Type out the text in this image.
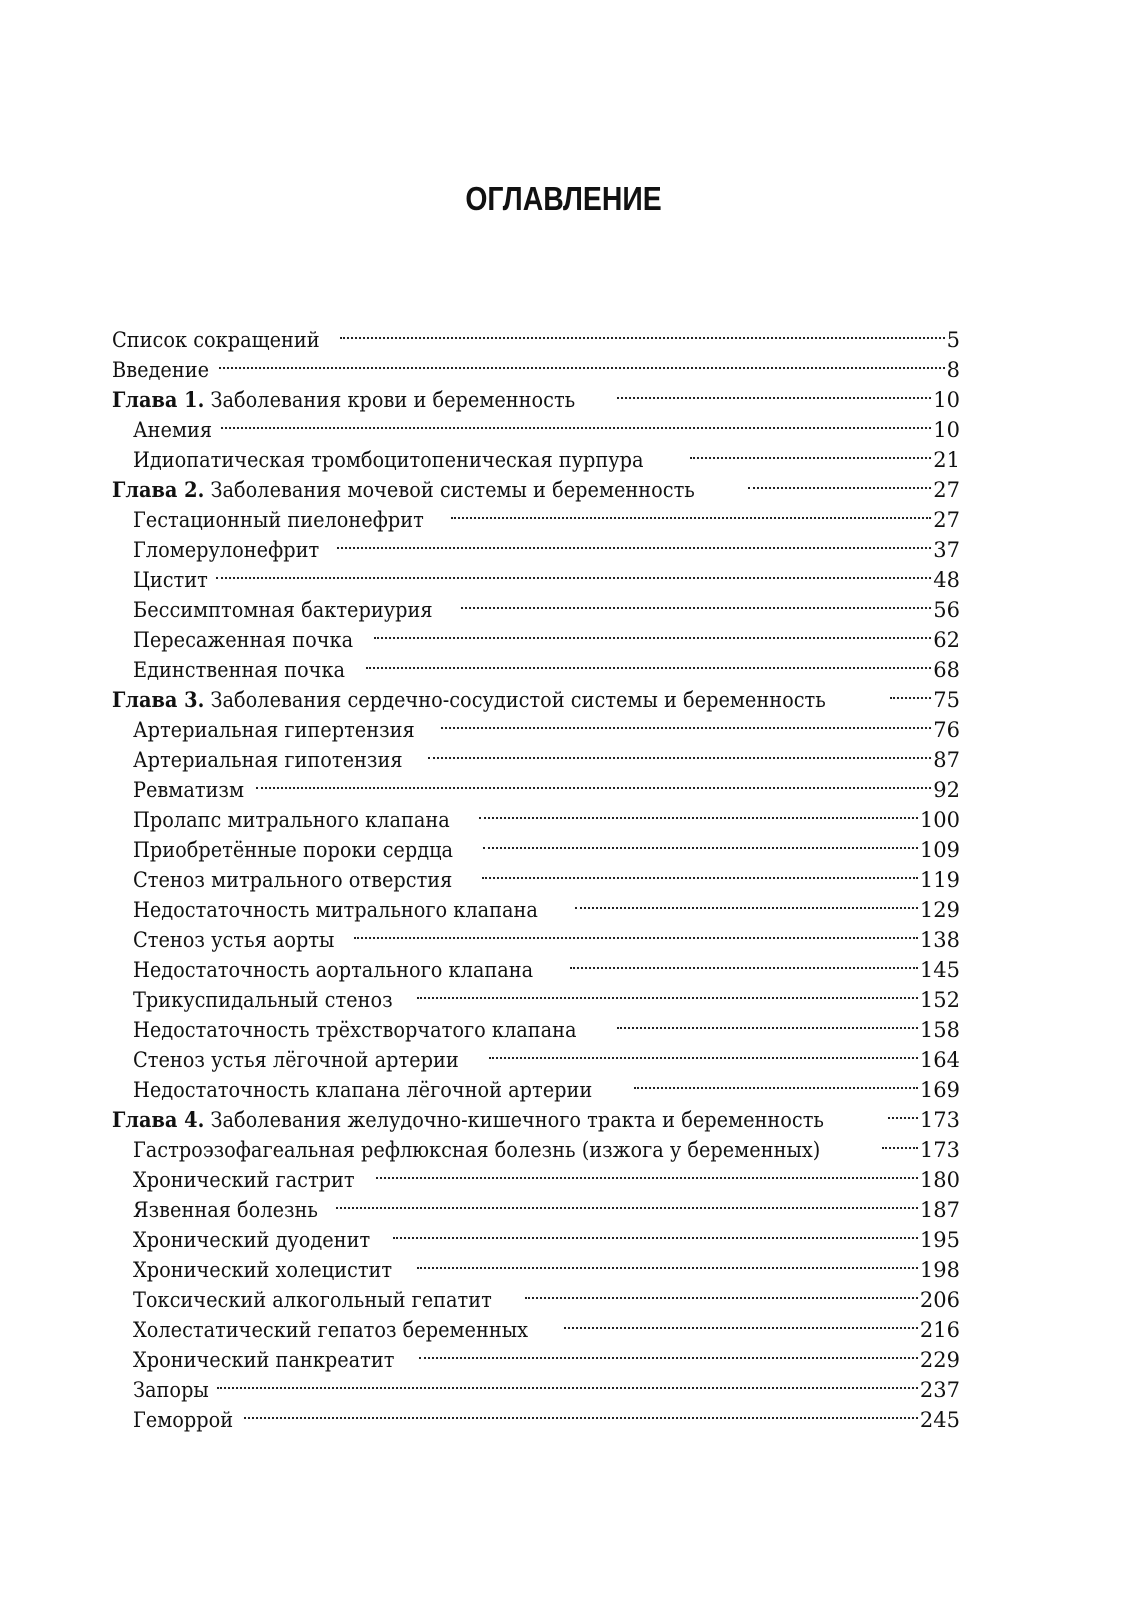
ОГЛАВЛЕНИЕ
Список сокращений	5
Введение	8
Глава 1. Заболевания крови и беременность	10
Анемия	10
Идиопатическая тромбоцитопеническая пурпура	21
Глава 2. Заболевания мочевой системы и беременность	27
Гестационный пиелонефрит	27
Гломерулонефрит	37
Цистит	48
Бессимптомная бактериурия	56
Пересаженная почка	62
Единственная почка	68
Глава 3. Заболевания сердечно-сосудистой системы и беременность	75
Артериальная гипертензия	76
Артериальная гипотензия	87
Ревматизм	92
Пролапс митрального клапана	100
Приобретённые пороки сердца	109
Стеноз митрального отверстия	119
Недостаточность митрального клапана	129
Стеноз устья аорты	138
Недостаточность аортального клапана	145
Трикуспидальный стеноз	152
Недостаточность трёхстворчатого клапана	158
Стеноз устья лёгочной артерии	164
Недостаточность клапана лёгочной артерии	169
Глава 4. Заболевания желудочно-кишечного тракта и беременность	173
Гастроэзофагеальная рефлюксная болезнь (изжога у беременных)	173
Хронический гастрит	180
Язвенная болезнь	187
Хронический дуоденит	195
Хронический холецистит	198
Токсический алкогольный гепатит	206
Холестатический гепатоз беременных	216
Хронический панкреатит	229
Запоры	237
Геморрой	245
